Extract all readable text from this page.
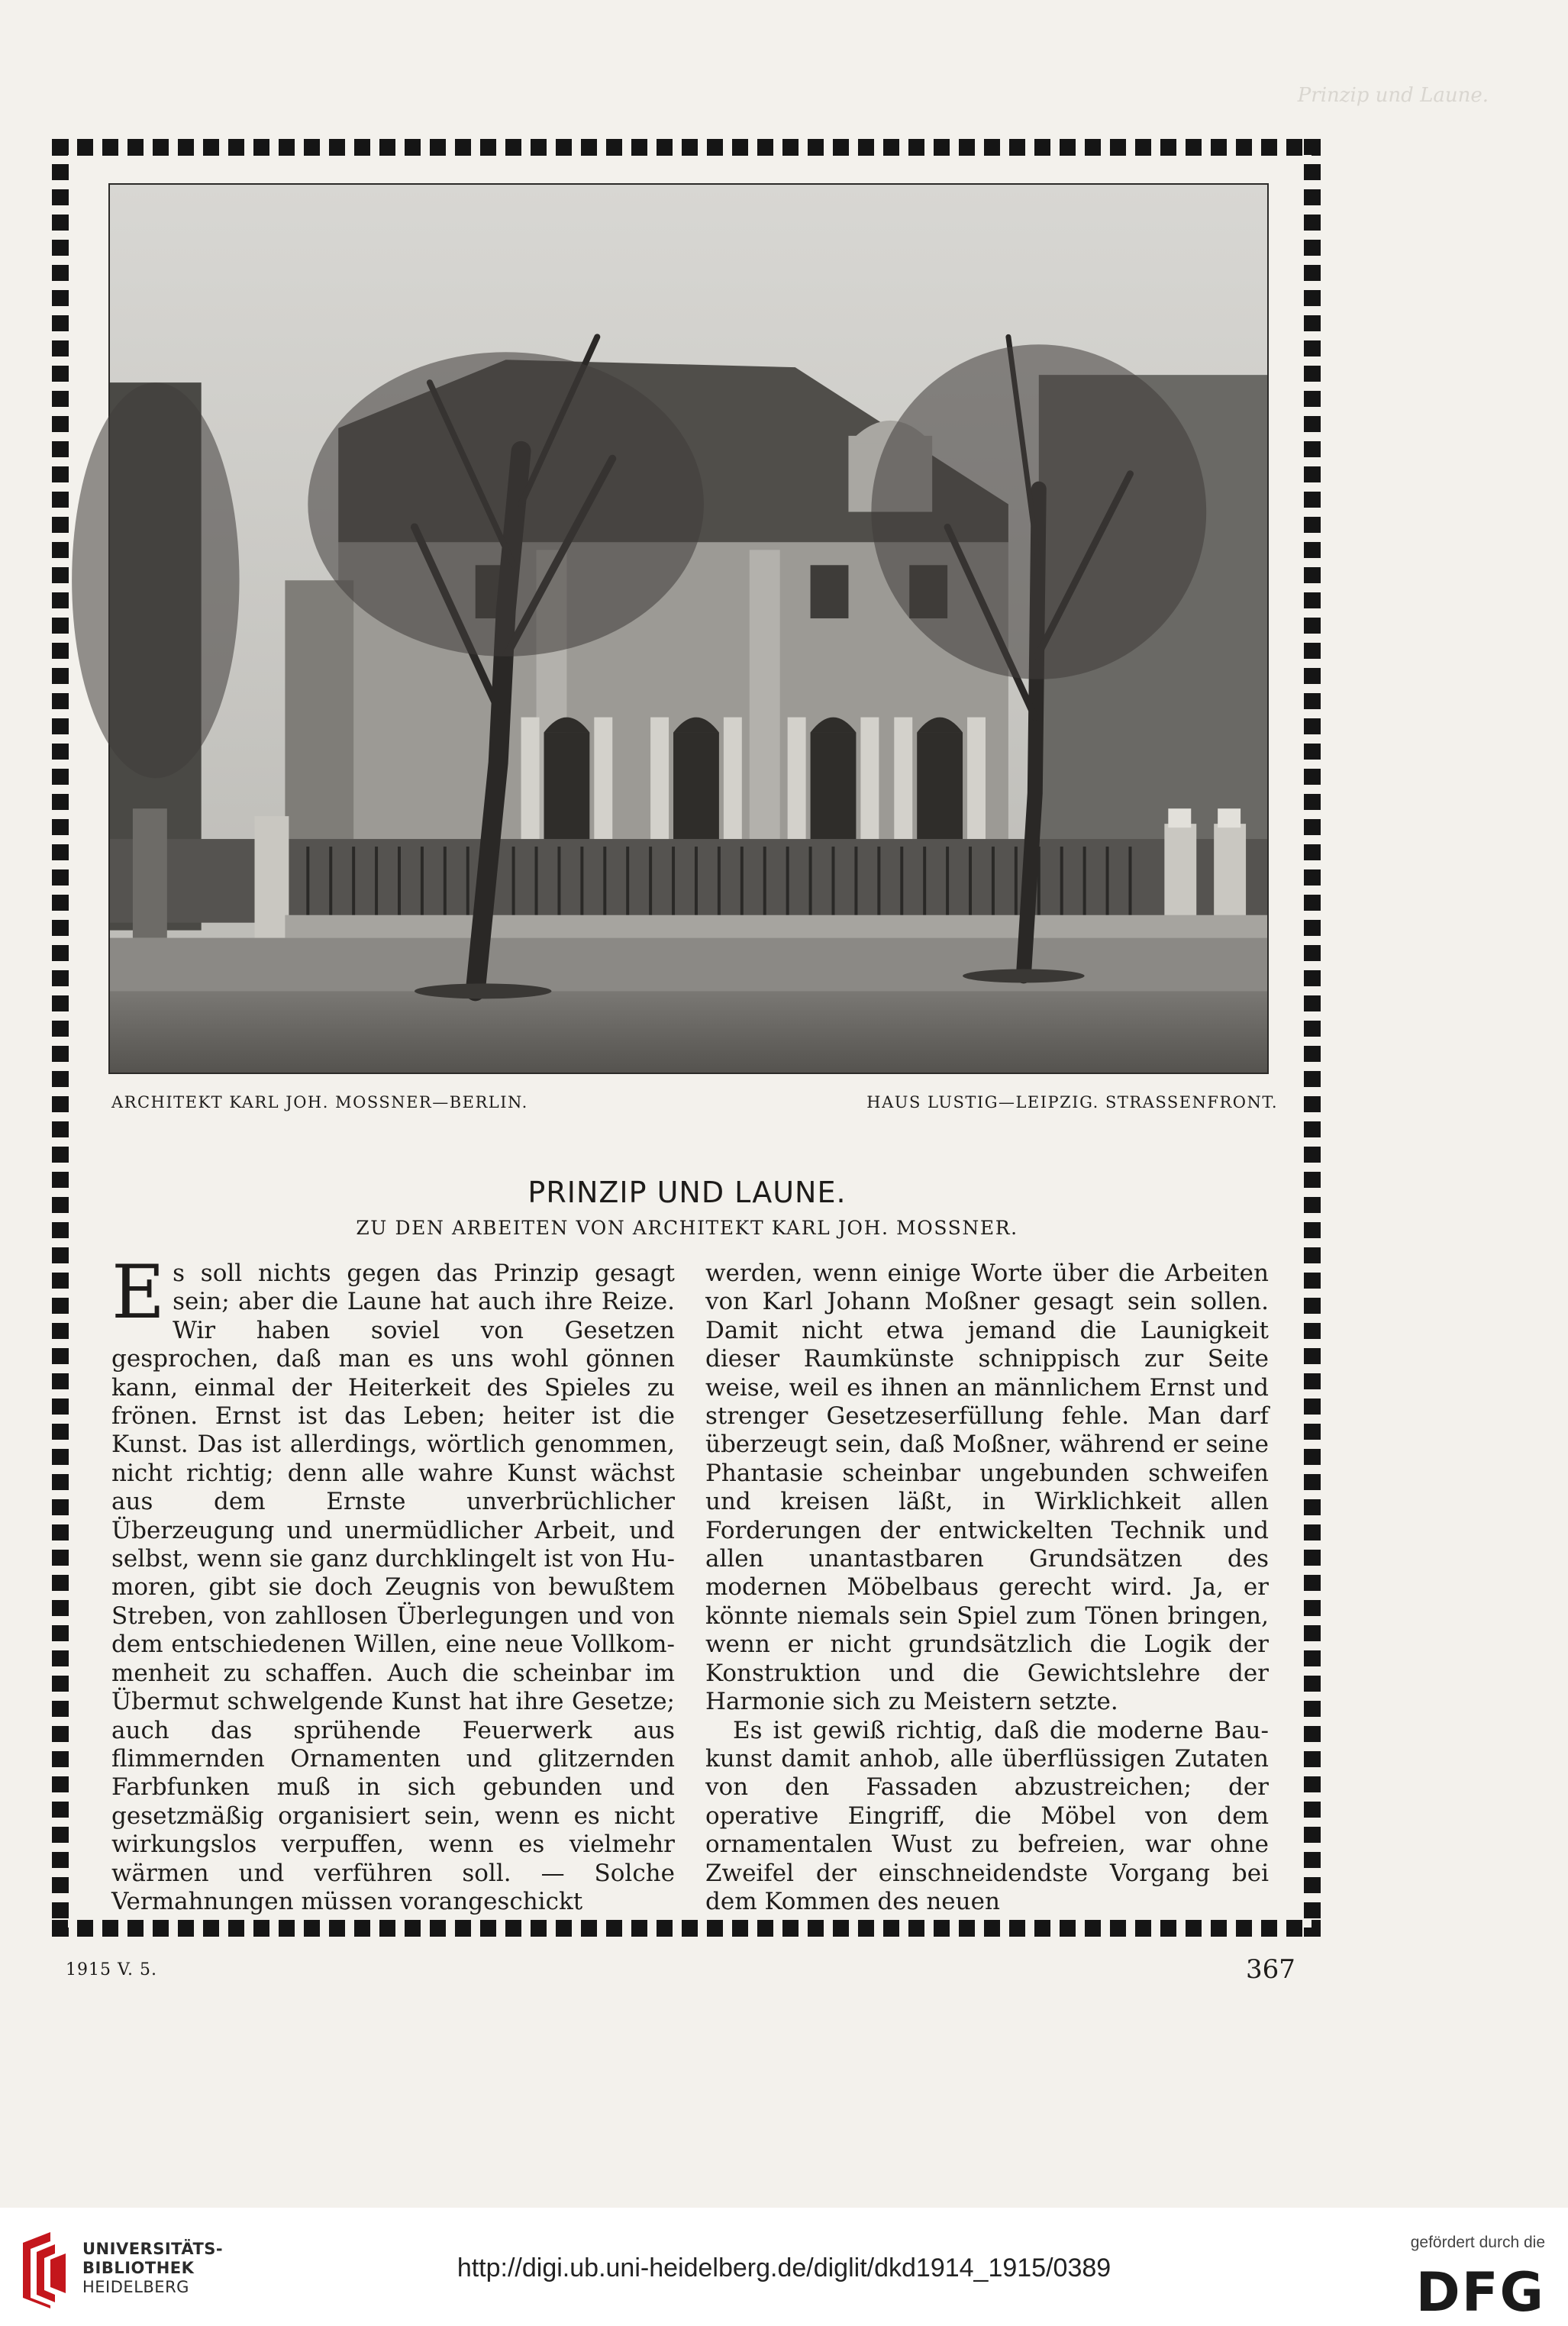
Prinzip und Laune.
ARCHITEKT KARL JOH. MOSSNER—BERLIN.	HAUS LUSTIG—LEIPZIG. STRASSENFRONT.
PRINZIP UND LAUNE.
ZU DEN ARBEITEN VON ARCHITEKT KARL JOH. MOSSNER.

Es soll nichts gegen das Prinzip gesagt sein; aber die Laune hat auch ihre Reize. Wir haben soviel von Gesetzen gesprochen, daß man es uns wohl gönnen kann, einmal der Heiterkeit des Spieles zu frönen. Ernst ist das Leben; heiter ist die Kunst. Das ist allerdings, wörtlich genommen, nicht richtig; denn alle wahre Kunst wächst aus dem Ernste unverbrüchlicher Überzeugung und unermüdlicher Arbeit, und selbst, wenn sie ganz durchklingelt ist von Humoren, gibt sie doch Zeugnis von bewußtem Streben, von zahllosen Überlegungen und von dem entschiedenen Willen, eine neue Vollkommenheit zu schaffen. Auch die scheinbar im Übermut schwelgende Kunst hat ihre Gesetze; auch das sprühende Feuerwerk aus flimmernden Ornamenten und glitzernden Farbfunken muß in sich gebunden und gesetzmäßig organisiert sein, wenn es nicht wirkungslos verpuffen, wenn es vielmehr wärmen und verführen soll. — Solche Vermahnungen müssen vorangeschickt

werden, wenn einige Worte über die Arbeiten von Karl Johann Moßner gesagt sein sollen. Damit nicht etwa jemand die Launigkeit dieser Raumkünste schnippisch zur Seite weise, weil es ihnen an männlichem Ernst und strenger Gesetzeserfüllung fehle. Man darf überzeugt sein, daß Moßner, während er seine Phantasie scheinbar ungebunden schweifen und kreisen läßt, in Wirklichkeit allen Forderungen der entwickelten Technik und allen unantastbaren Grundsätzen des modernen Möbelbaus gerecht wird. Ja, er könnte niemals sein Spiel zum Tönen bringen, wenn er nicht grundsätzlich die Logik der Konstruktion und die Gewichtslehre der Harmonie sich zu Meistern setzte.

Es ist gewiß richtig, daß die moderne Baukunst damit anhob, alle überflüssigen Zutaten von den Fassaden abzustreichen; der operative Eingriff, die Möbel von dem ornamentalen Wust zu befreien, war ohne Zweifel der einschneidendste Vorgang bei dem Kommen des neuen

1915 V. 5.	367
UNIVERSITÄTS-
BIBLIOTHEK
HEIDELBERG
http://digi.ub.uni-heidelberg.de/diglit/dkd1914_1915/0389
gefördert durch die
DFG
